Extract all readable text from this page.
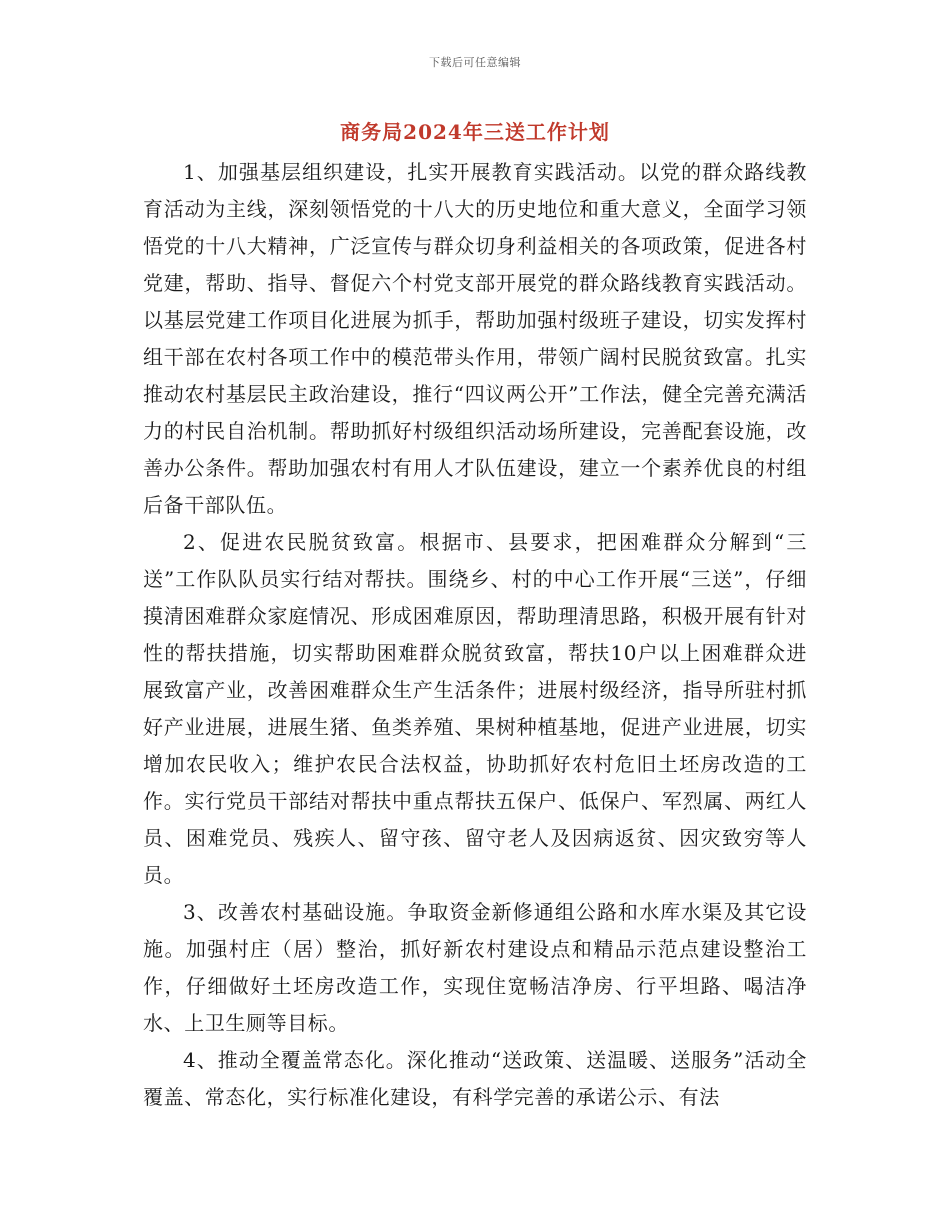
下载后可任意编辑
商务局2024年三送工作计划

1、加强基层组织建设，扎实开展教育实践活动。以党的群众路线教育活动为主线，深刻领悟党的十八大的历史地位和重大意义，全面学习领悟党的十八大精神，广泛宣传与群众切身利益相关的各项政策，促进各村党建，帮助、指导、督促六个村党支部开展党的群众路线教育实践活动。以基层党建工作项目化进展为抓手，帮助加强村级班子建设，切实发挥村组干部在农村各项工作中的模范带头作用，带领广阔村民脱贫致富。扎实推动农村基层民主政治建设，推行“四议两公开”工作法，健全完善充满活力的村民自治机制。帮助抓好村级组织活动场所建设，完善配套设施，改善办公条件。帮助加强农村有用人才队伍建设，建立一个素养优良的村组后备干部队伍。

2、促进农民脱贫致富。根据市、县要求，把困难群众分解到“三送”工作队队员实行结对帮扶。围绕乡、村的中心工作开展“三送”，仔细摸清困难群众家庭情况、形成困难原因，帮助理清思路，积极开展有针对性的帮扶措施，切实帮助困难群众脱贫致富，帮扶10户以上困难群众进展致富产业，改善困难群众生产生活条件；进展村级经济，指导所驻村抓好产业进展，进展生猪、鱼类养殖、果树种植基地，促进产业进展，切实增加农民收入；维护农民合法权益，协助抓好农村危旧土坯房改造的工作。实行党员干部结对帮扶中重点帮扶五保户、低保户、军烈属、两红人员、困难党员、残疾人、留守孩、留守老人及因病返贫、因灾致穷等人员。

3、改善农村基础设施。争取资金新修通组公路和水库水渠及其它设施。加强村庄（居）整治，抓好新农村建设点和精品示范点建设整治工作，仔细做好土坯房改造工作，实现住宽畅洁净房、行平坦路、喝洁净水、上卫生厕等目标。

4、推动全覆盖常态化。深化推动“送政策、送温暖、送服务”活动全覆盖、常态化，实行标准化建设，有科学完善的承诺公示、有法
